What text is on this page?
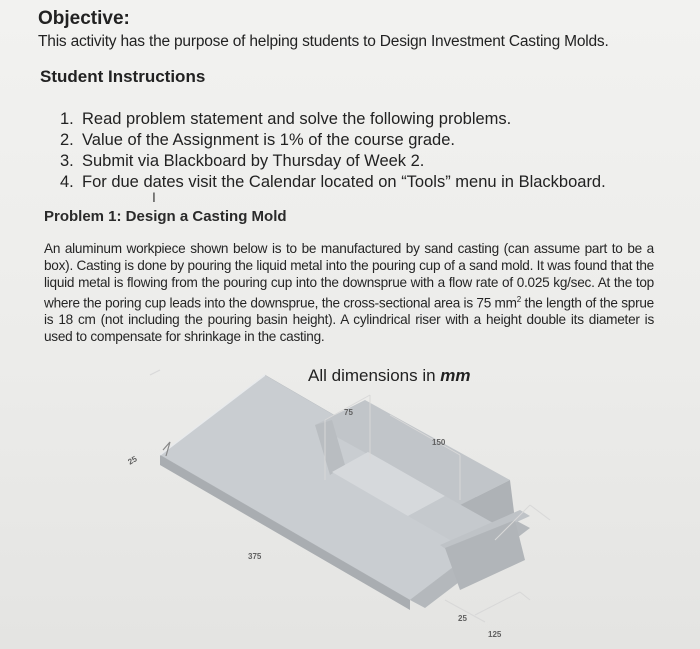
Objective:
This activity has the purpose of helping students to Design Investment Casting Molds.
Student Instructions
1. Read problem statement and solve the following problems.
2. Value of the Assignment is 1% of the course grade.
3. Submit via Blackboard by Thursday of Week 2.
4. For due dates visit the Calendar located on “Tools” menu in Blackboard.
I
Problem 1: Design a Casting Mold
An aluminum workpiece shown below is to be manufactured by sand casting (can assume part to be a box). Casting is done by pouring the liquid metal into the pouring cup of a sand mold. It was found that the liquid metal is flowing from the pouring cup into the downsprue with a flow rate of 0.025 kg/sec. At the top where the poring cup leads into the downsprue, the cross-sectional area is 75 $mm^2$ the length of the sprue is 18 cm (not including the pouring basin height). A cylindrical riser with a height double its diameter is used to compensate for shrinkage in the casting.
All dimensions in mm
75
150
25
375
25
125
